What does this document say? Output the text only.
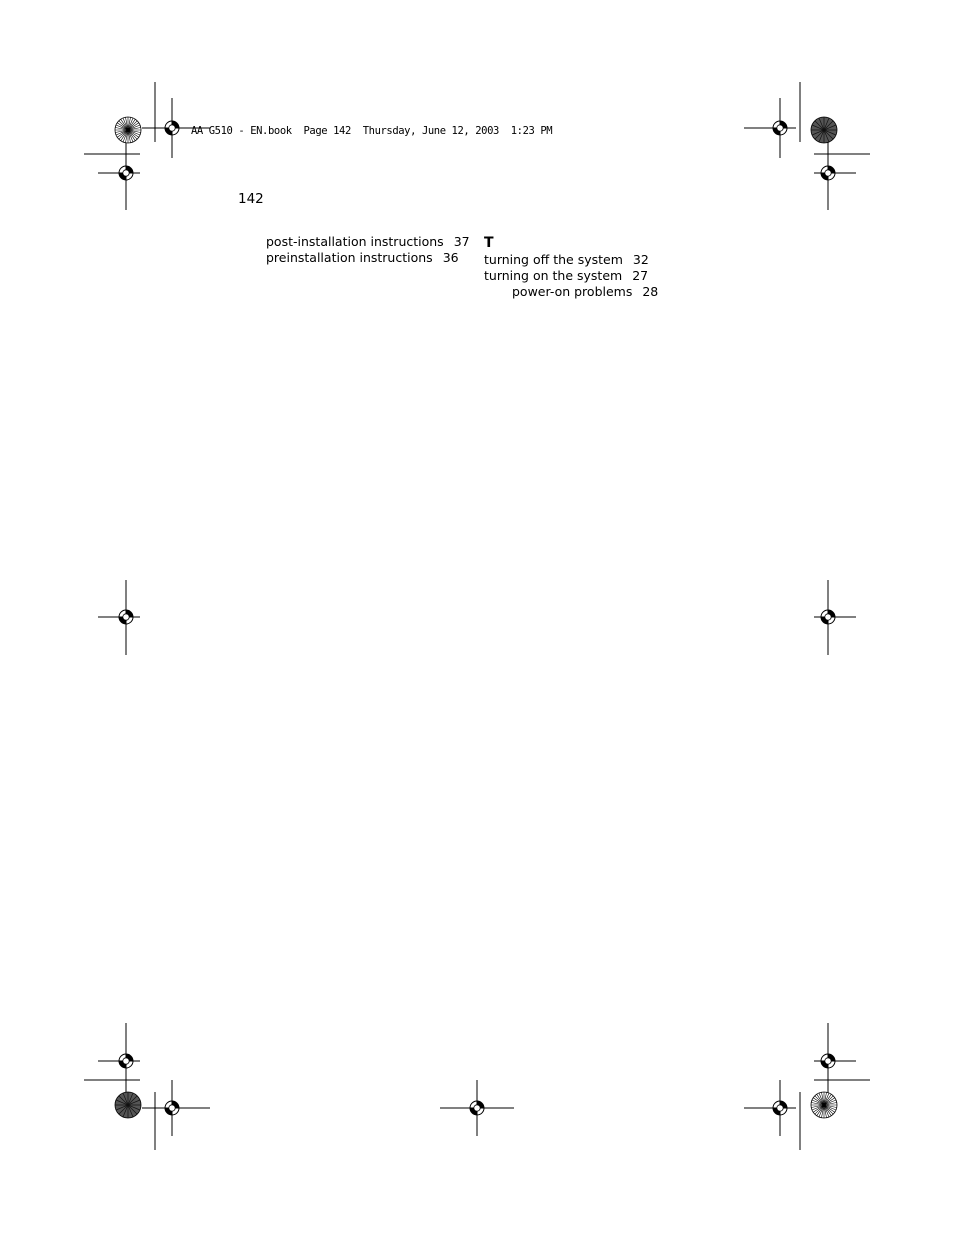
AA G510 - EN.book  Page 142  Thursday, June 12, 2003  1:23 PM
142
post-installation instructions 37
preinstallation instructions 36
T
turning off the system 32
turning on the system 27
power-on problems 28
